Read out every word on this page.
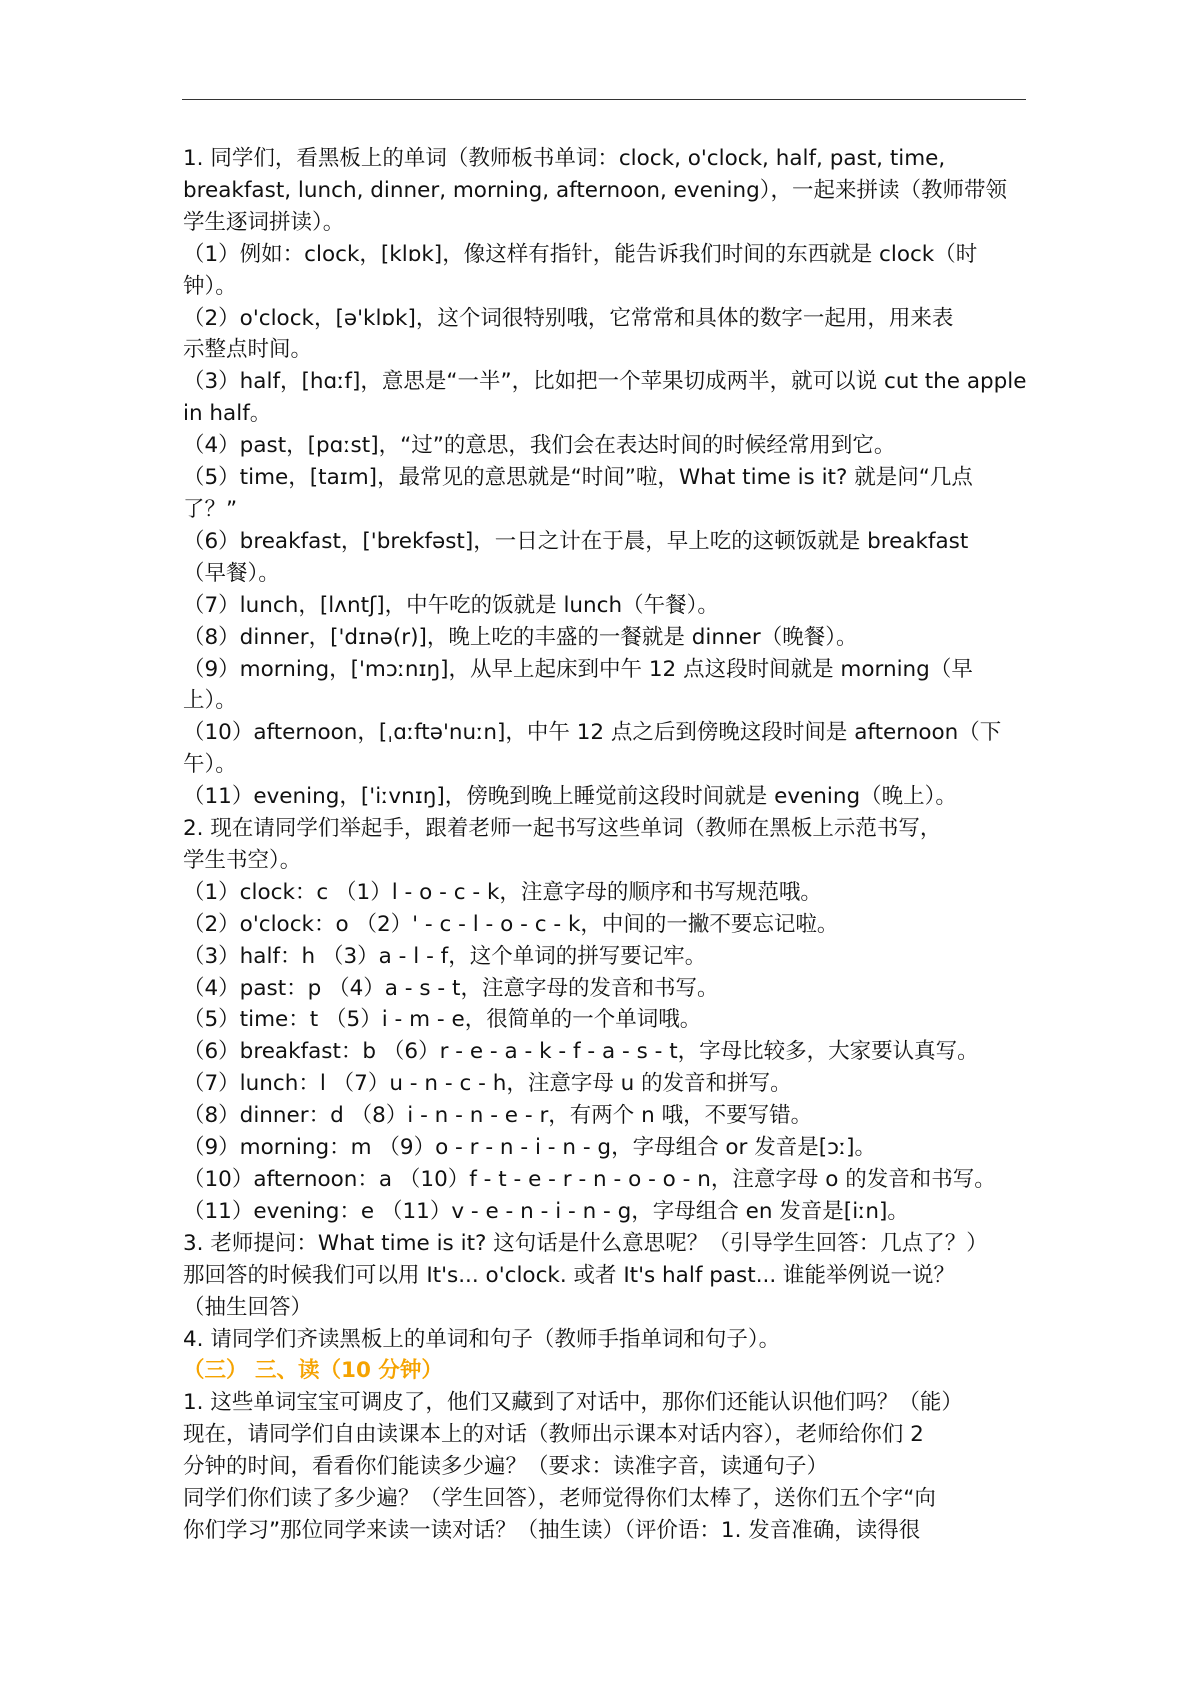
1. 同学们，看黑板上的单词（教师板书单词：clock, o'clock, half, past, time,
breakfast, lunch, dinner, morning, afternoon, evening），一起来拼读（教师带领
学生逐词拼读）。
（1）例如：clock，[klɒk]，像这样有指针，能告诉我们时间的东西就是 clock（时
钟）。
（2）o'clock，[ə'klɒk]，这个词很特别哦，它常常和具体的数字一起用，用来表
示整点时间。
（3）half，[hɑːf]，意思是“一半”，比如把一个苹果切成两半，就可以说 cut the apple
in half。
（4）past，[pɑːst]，“过”的意思，我们会在表达时间的时候经常用到它。
（5）time，[taɪm]，最常见的意思就是“时间”啦，What time is it? 就是问“几点
了？”
（6）breakfast，['brekfəst]，一日之计在于晨，早上吃的这顿饭就是 breakfast
（早餐）。
（7）lunch，[lʌntʃ]，中午吃的饭就是 lunch（午餐）。
（8）dinner，['dɪnə(r)]，晚上吃的丰盛的一餐就是 dinner（晚餐）。
（9）morning，['mɔːnɪŋ]，从早上起床到中午 12 点这段时间就是 morning（早
上）。
（10）afternoon，[ˌɑːftə'nuːn]，中午 12 点之后到傍晚这段时间是 afternoon（下
午）。
（11）evening，['iːvnɪŋ]，傍晚到晚上睡觉前这段时间就是 evening（晚上）。
2. 现在请同学们举起手，跟着老师一起书写这些单词（教师在黑板上示范书写，
学生书空）。
（1）clock：c （1）l - o - c - k，注意字母的顺序和书写规范哦。
（2）o'clock：o （2）' - c - l - o - c - k，中间的一撇不要忘记啦。
（3）half：h （3）a - l - f，这个单词的拼写要记牢。
（4）past：p （4）a - s - t，注意字母的发音和书写。
（5）time：t （5）i - m - e，很简单的一个单词哦。
（6）breakfast：b （6）r - e - a - k - f - a - s - t，字母比较多，大家要认真写。
（7）lunch：l （7）u - n - c - h，注意字母 u 的发音和拼写。
（8）dinner：d （8）i - n - n - e - r，有两个 n 哦，不要写错。
（9）morning：m （9）o - r - n - i - n - g，字母组合 or 发音是[ɔː]。
（10）afternoon：a （10）f - t - e - r - n - o - o - n，注意字母 o 的发音和书写。
（11）evening：e （11）v - e - n - i - n - g，字母组合 en 发音是[iːn]。
3. 老师提问：What time is it? 这句话是什么意思呢？（引导学生回答：几点了？）
那回答的时候我们可以用 It's... o'clock. 或者 It's half past... 谁能举例说一说？
（抽生回答）
4. 请同学们齐读黑板上的单词和句子（教师手指单词和句子）。
（三） 三、读（10 分钟）
1. 这些单词宝宝可调皮了，他们又藏到了对话中，那你们还能认识他们吗？（能）
现在，请同学们自由读课本上的对话（教师出示课本对话内容），老师给你们 2
分钟的时间，看看你们能读多少遍？（要求：读准字音，读通句子）
同学们你们读了多少遍？（学生回答），老师觉得你们太棒了，送你们五个字“向
你们学习”那位同学来读一读对话？（抽生读）（评价语：1. 发音准确，读得很
